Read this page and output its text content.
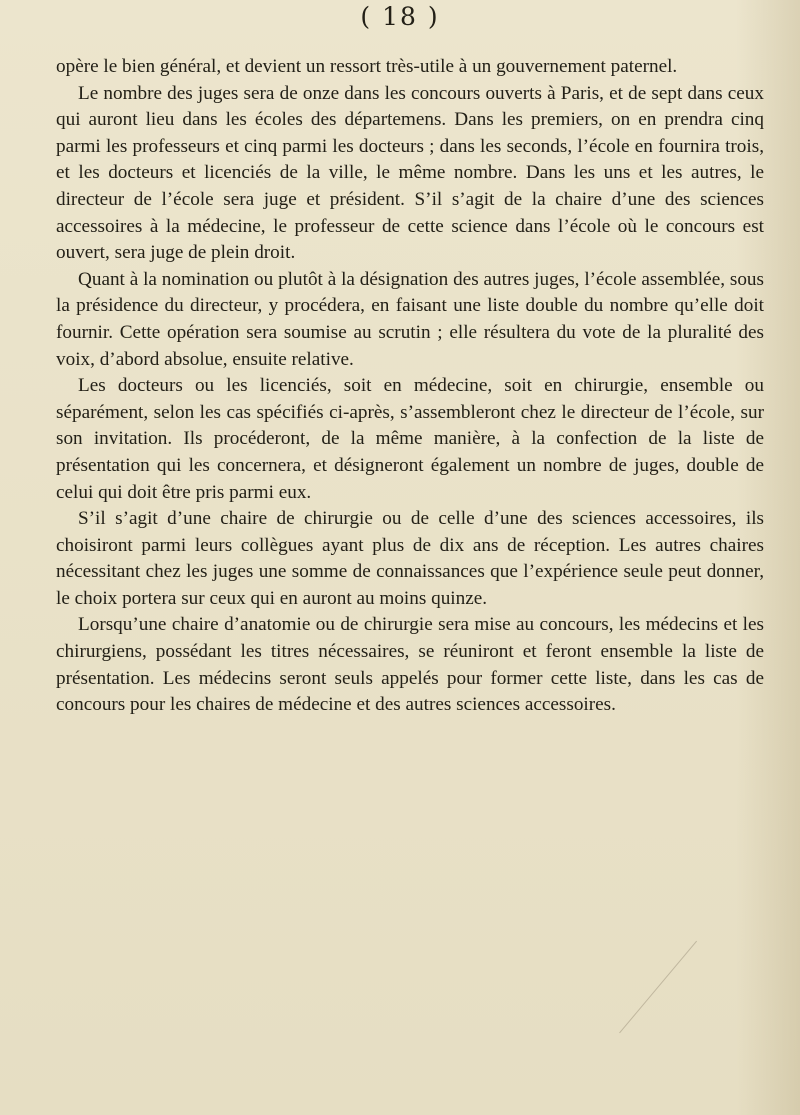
( 18 )

opère le bien général, et devient un ressort très-utile à un gouvernement paternel.

Le nombre des juges sera de onze dans les concours ouverts à Paris, et de sept dans ceux qui auront lieu dans les écoles des départemens. Dans les premiers, on en prendra cinq parmi les professeurs et cinq parmi les docteurs ; dans les seconds, l’école en fournira trois, et les docteurs et licenciés de la ville, le même nombre. Dans les uns et les autres, le directeur de l’école sera juge et président. S’il s’agit de la chaire d’une des sciences accessoires à la médecine, le professeur de cette science dans l’école où le concours est ouvert, sera juge de plein droit.

Quant à la nomination ou plutôt à la désignation des autres juges, l’école assemblée, sous la présidence du directeur, y procédera, en faisant une liste double du nombre qu’elle doit fournir. Cette opération sera soumise au scrutin ; elle résultera du vote de la pluralité des voix, d’abord absolue, ensuite relative.

Les docteurs ou les licenciés, soit en médecine, soit en chirurgie, ensemble ou séparément, selon les cas spécifiés ci-après, s’assembleront chez le directeur de l’école, sur son invitation. Ils procéderont, de la même manière, à la confection de la liste de présentation qui les concernera, et désigneront également un nombre de juges, double de celui qui doit être pris parmi eux.

S’il s’agit d’une chaire de chirurgie ou de celle d’une des sciences accessoires, ils choisiront parmi leurs collègues ayant plus de dix ans de réception. Les autres chaires nécessitant chez les juges une somme de connaissances que l’expérience seule peut donner, le choix portera sur ceux qui en auront au moins quinze.

Lorsqu’une chaire d’anatomie ou de chirurgie sera mise au concours, les médecins et les chirurgiens, possédant les titres nécessaires, se réuniront et feront ensemble la liste de présentation. Les médecins seront seuls appelés pour former cette liste, dans les cas de concours pour les chaires de médecine et des autres sciences accessoires.
